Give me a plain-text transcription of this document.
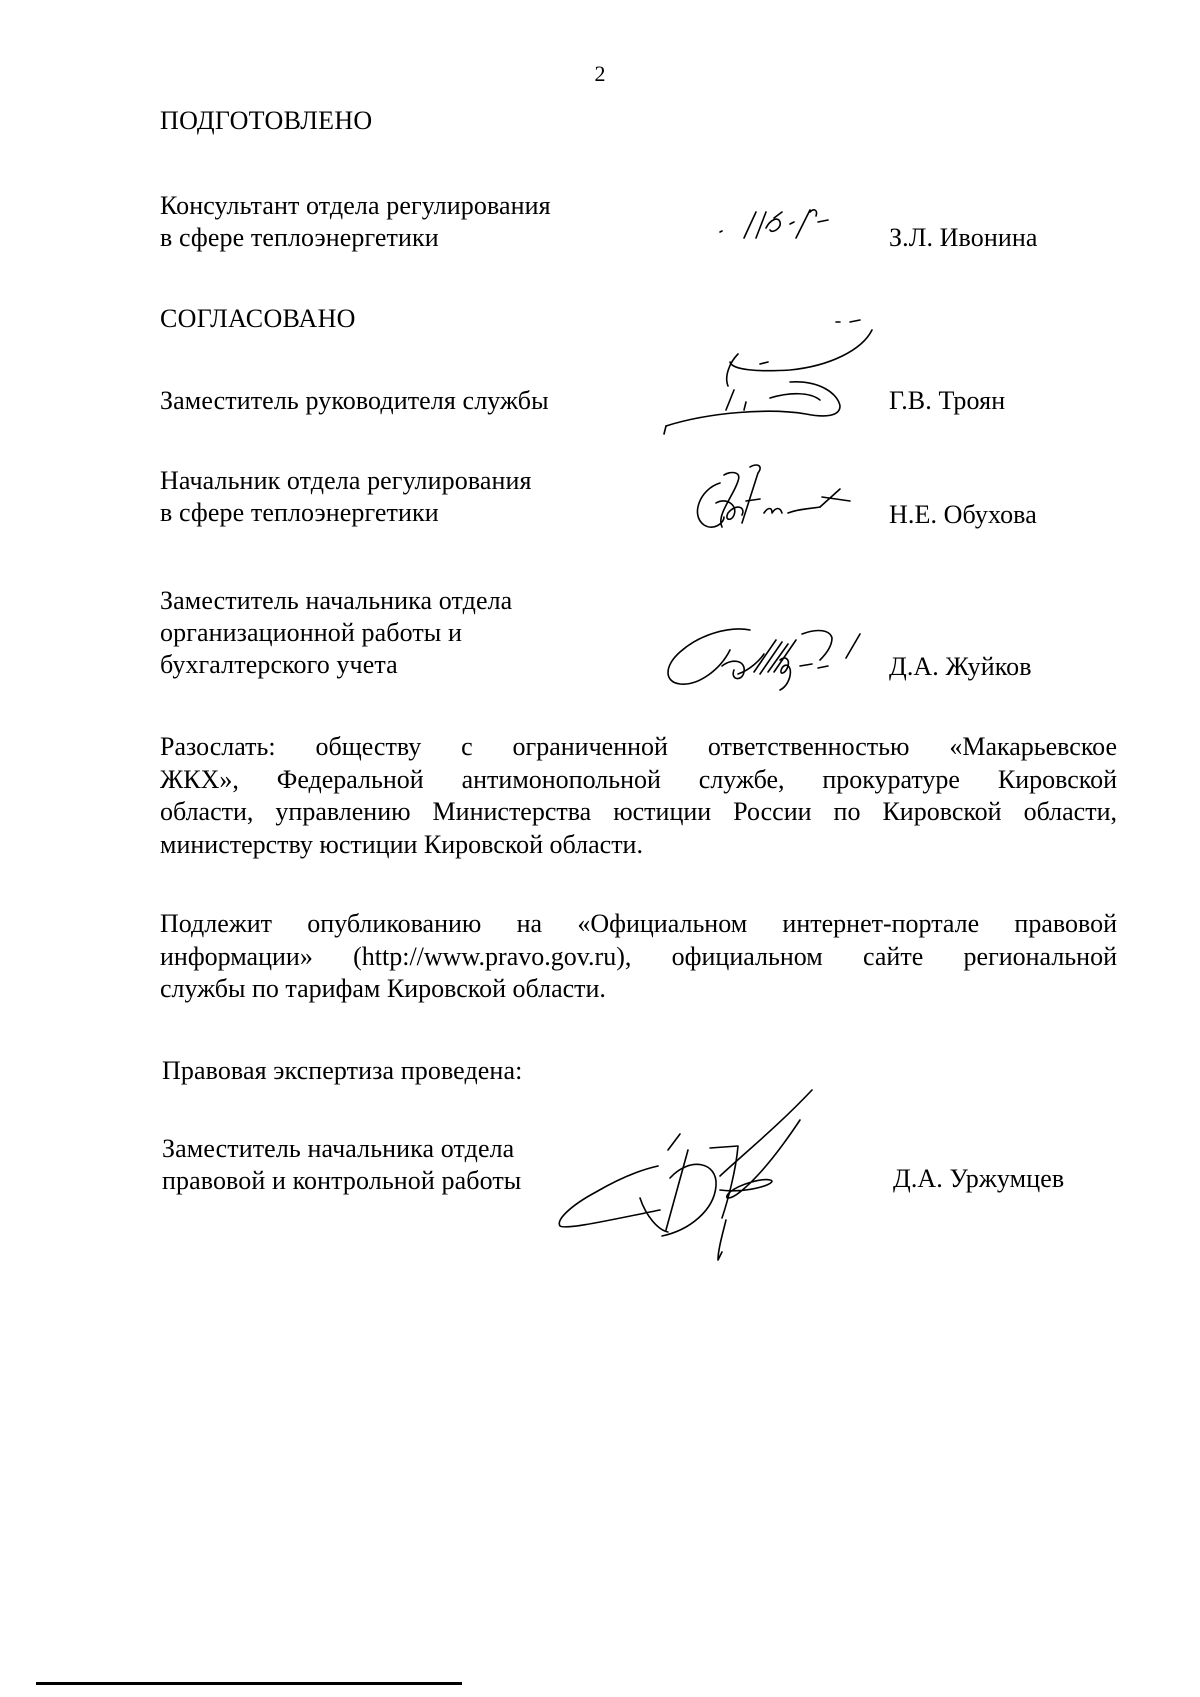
2
ПОДГОТОВЛЕНО
Консультант отдела регулирования
в сфере теплоэнергетики	З.Л. Ивонина
СОГЛАСОВАНО
Заместитель руководителя службы	Г.В. Троян
Начальник отдела регулирования
в сфере теплоэнергетики	Н.Е. Обухова
Заместитель начальника отдела
организационной работы и
бухгалтерского учета	Д.А. Жуйков
Разослать: обществу с ограниченной ответственностью «Макарьевское
ЖКХ», Федеральной антимонопольной службе, прокуратуре Кировской
области, управлению Министерства юстиции России по Кировской области,
министерству юстиции Кировской области.
Подлежит опубликованию на «Официальном интернет-портале правовой
информации» (http://www.pravo.gov.ru), официальном сайте региональной
службы по тарифам Кировской области.
Правовая экспертиза проведена:
Заместитель начальника отдела
правовой и контрольной работы	Д.А. Уржумцев
